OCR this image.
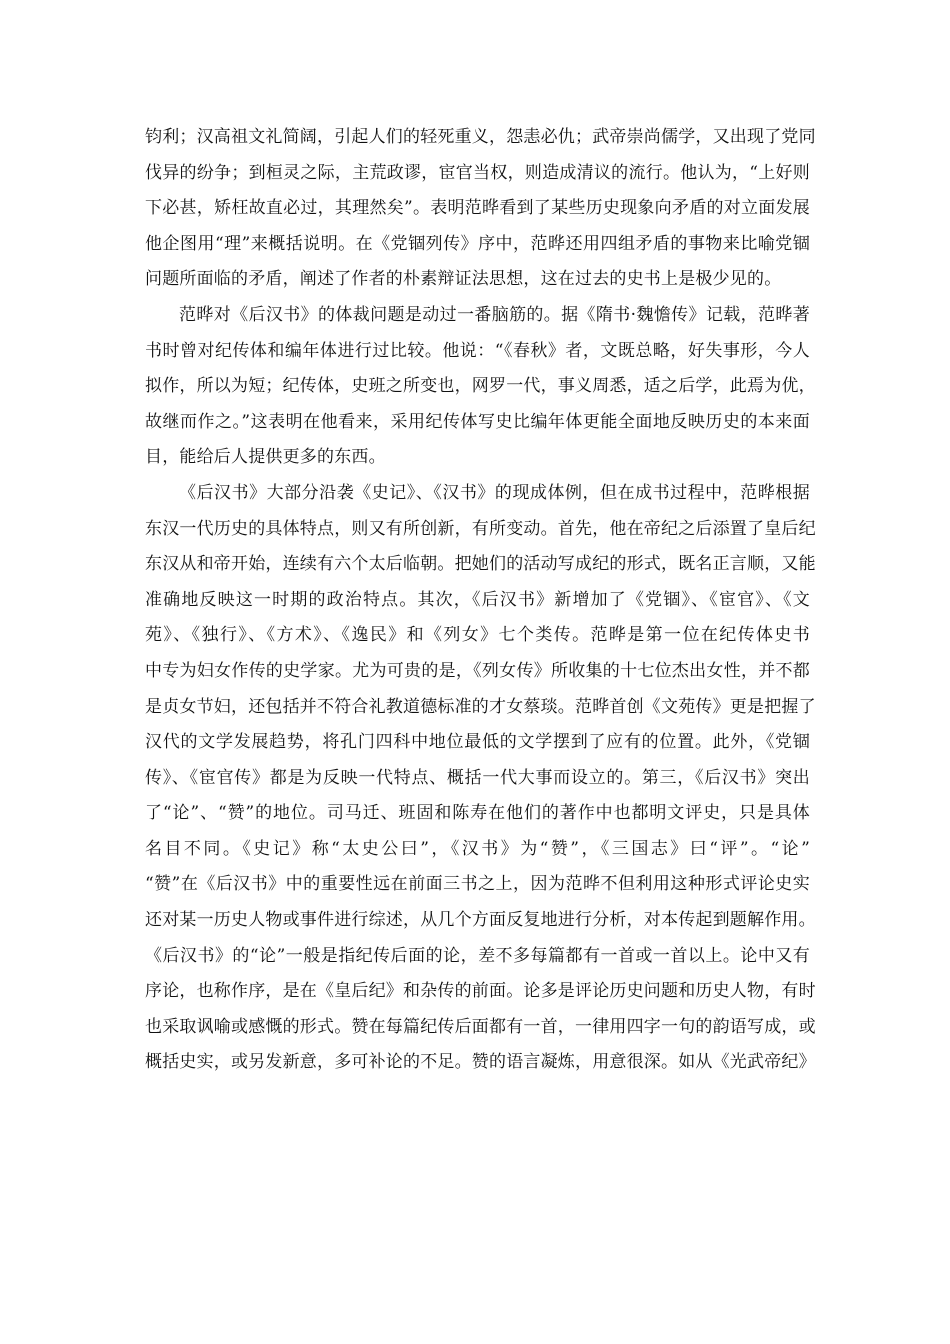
钧利；汉高祖文礼简阔，引起人们的轻死重义，怨恚必仇；武帝崇尚儒学，又出现了党同
伐异的纷争；到桓灵之际，主荒政谬，宦官当权，则造成清议的流行。他认为，“上好则
下必甚，矫枉故直必过，其理然矣”。表明范晔看到了某些历史现象向矛盾的对立面发展
他企图用“理”来概括说明。在《党锢列传》序中，范晔还用四组矛盾的事物来比喻党锢
问题所面临的矛盾，阐述了作者的朴素辩证法思想，这在过去的史书上是极少见的。
范晔对《后汉书》的体裁问题是动过一番脑筋的。据《隋书·魏憺传》记载，范晔著
书时曾对纪传体和编年体进行过比较。他说：“《春秋》者，文既总略，好失事形，今人
拟作，所以为短；纪传体，史班之所变也，网罗一代，事义周悉，适之后学，此焉为优，
故继而作之。”这表明在他看来，采用纪传体写史比编年体更能全面地反映历史的本来面
目，能给后人提供更多的东西。
《后汉书》大部分沿袭《史记》、《汉书》的现成体例，但在成书过程中，范晔根据
东汉一代历史的具体特点，则又有所创新，有所变动。首先，他在帝纪之后添置了皇后纪
东汉从和帝开始，连续有六个太后临朝。把她们的活动写成纪的形式，既名正言顺，又能
准确地反映这一时期的政治特点。其次，《后汉书》新增加了《党锢》、《宦官》、《文
苑》、《独行》、《方术》、《逸民》和《列女》七个类传。范晔是第一位在纪传体史书
中专为妇女作传的史学家。尤为可贵的是，《列女传》所收集的十七位杰出女性，并不都
是贞女节妇，还包括并不符合礼教道德标准的才女蔡琰。范晔首创《文苑传》更是把握了
汉代的文学发展趋势，将孔门四科中地位最低的文学摆到了应有的位置。此外，《党锢
传》、《宦官传》都是为反映一代特点、概括一代大事而设立的。第三，《后汉书》突出
了“论”、“赞”的地位。司马迁、班固和陈寿在他们的著作中也都明文评史，只是具体
名目不同。《史记》称“太史公曰”，《汉书》为“赞”，《三国志》曰“评”。“论”
“赞”在《后汉书》中的重要性远在前面三书之上，因为范晔不但利用这种形式评论史实
还对某一历史人物或事件进行综述，从几个方面反复地进行分析，对本传起到题解作用。
《后汉书》的“论”一般是指纪传后面的论，差不多每篇都有一首或一首以上。论中又有
序论，也称作序，是在《皇后纪》和杂传的前面。论多是评论历史问题和历史人物，有时
也采取讽喻或感慨的形式。赞在每篇纪传后面都有一首，一律用四字一句的韵语写成，或
概括史实，或另发新意，多可补论的不足。赞的语言凝炼，用意很深。如从《光武帝纪》
